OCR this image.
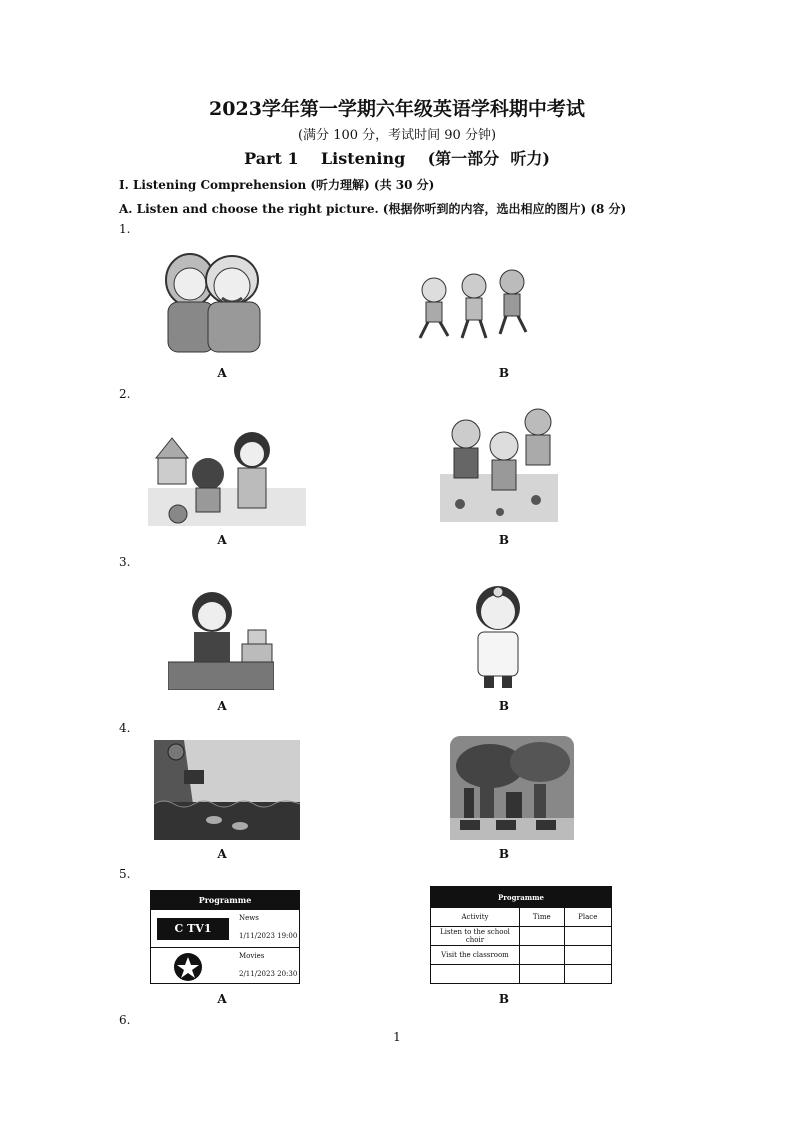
2023学年第一学期六年级英语学科期中考试
(满分 100 分，考试时间 90 分钟)
Part 1    Listening    (第一部分  听力)
I. Listening Comprehension (听力理解) (共 30 分)
A. Listen and choose the right picture. (根据你听到的内容，选出相应的图片) (8 分)
1.
A	B
2.
A	B
3.
A	B
4.
A	B
5.
Programme
C TV1
News
1/11/2023 19:00
Movies
2/11/2023 20:30
Programme		
Activity	Time	Place
Listen to the school choir		
Visit the classroom		

A	B
6.
1
